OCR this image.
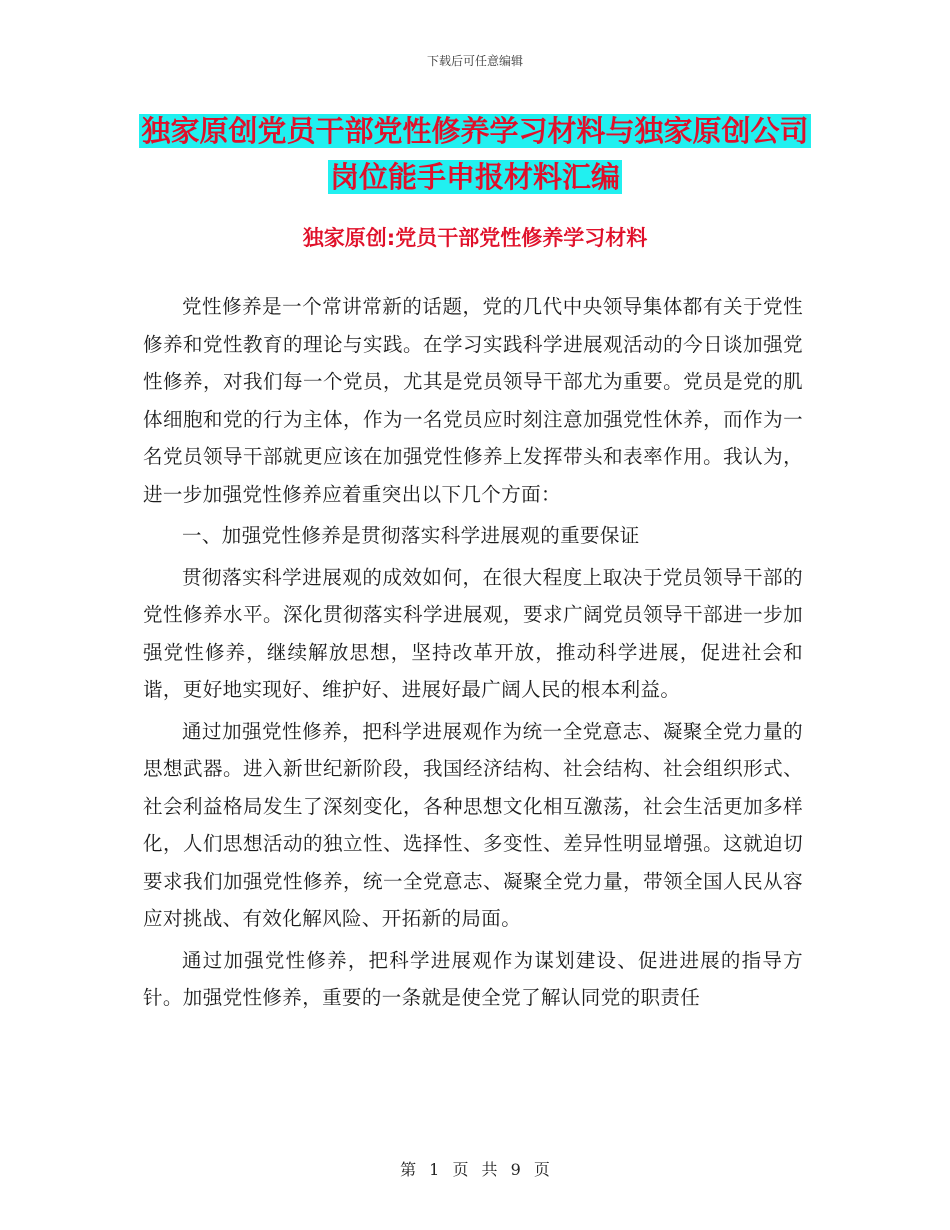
下载后可任意编辑
独家原创党员干部党性修养学习材料与独家原创公司
岗位能手申报材料汇编
独家原创:党员干部党性修养学习材料

党性修养是一个常讲常新的话题，党的几代中央领导集体都有关于党性修养和党性教育的理论与实践。在学习实践科学进展观活动的今日谈加强党性修养，对我们每一个党员，尤其是党员领导干部尤为重要。党员是党的肌体细胞和党的行为主体，作为一名党员应时刻注意加强党性休养，而作为一名党员领导干部就更应该在加强党性修养上发挥带头和表率作用。我认为，进一步加强党性修养应着重突出以下几个方面：

一、加强党性修养是贯彻落实科学进展观的重要保证

贯彻落实科学进展观的成效如何，在很大程度上取决于党员领导干部的党性修养水平。深化贯彻落实科学进展观，要求广阔党员领导干部进一步加强党性修养，继续解放思想，坚持改革开放，推动科学进展，促进社会和谐，更好地实现好、维护好、进展好最广阔人民的根本利益。

通过加强党性修养，把科学进展观作为统一全党意志、凝聚全党力量的思想武器。进入新世纪新阶段，我国经济结构、社会结构、社会组织形式、社会利益格局发生了深刻变化，各种思想文化相互激荡，社会生活更加多样化，人们思想活动的独立性、选择性、多变性、差异性明显增强。这就迫切要求我们加强党性修养，统一全党意志、凝聚全党力量，带领全国人民从容应对挑战、有效化解风险、开拓新的局面。

通过加强党性修养，把科学进展观作为谋划建设、促进进展的指导方针。加强党性修养，重要的一条就是使全党了解认同党的职责任

第 1 页 共 9 页
